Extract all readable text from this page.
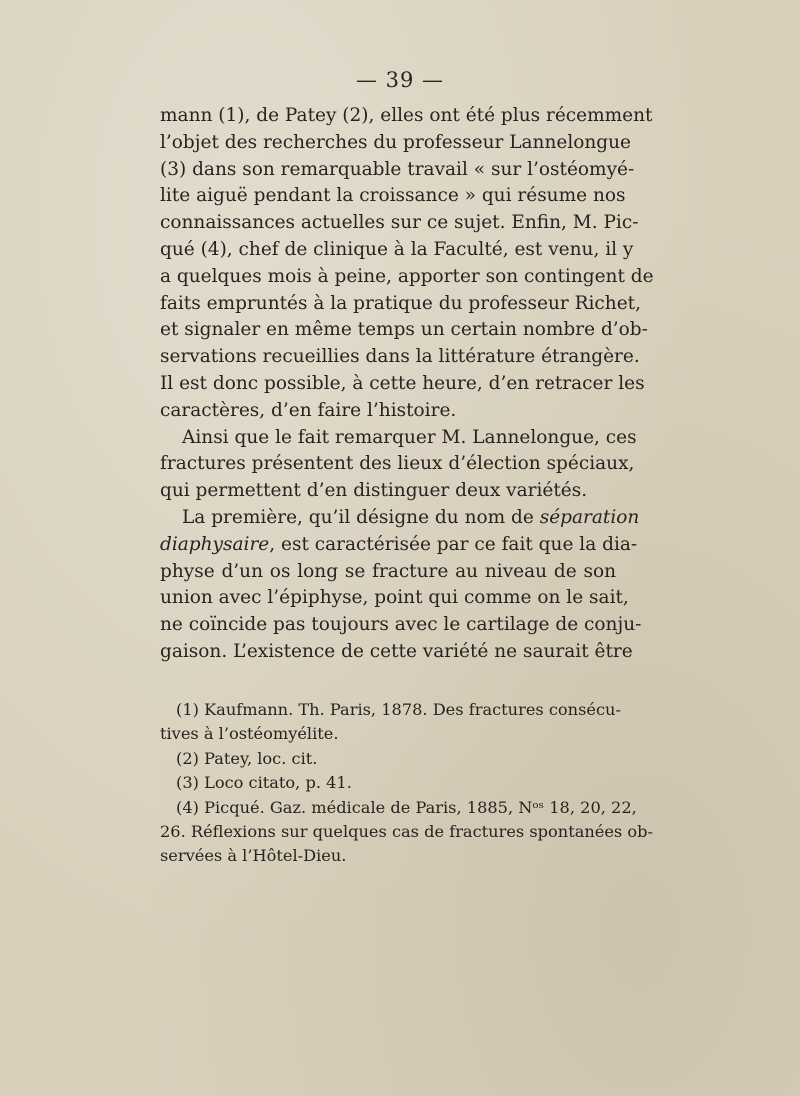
— 39 —
mann (1), de Patey (2), elles ont été plus récemment
l’objet des recherches du professeur Lannelongue
(3) dans son remarquable travail « sur l’ostéomyé-
lite aiguë pendant la croissance » qui résume nos
connaissances actuelles sur ce sujet. Enfin, M. Pic-
qué (4), chef de clinique à la Faculté, est venu, il y
a quelques mois à peine, apporter son contingent de
faits empruntés à la pratique du professeur Richet,
et signaler en même temps un certain nombre d’ob-
servations recueillies dans la littérature étrangère.
Il est donc possible, à cette heure, d’en retracer les
caractères, d’en faire l’histoire.
Ainsi que le fait remarquer M. Lannelongue, ces
fractures présentent des lieux d’élection spéciaux,
qui permettent d’en distinguer deux variétés.
La première, qu’il désigne du nom de séparation
diaphysaire, est caractérisée par ce fait que la dia-
physe d’un os long se fracture au niveau de son
union avec l’épiphyse, point qui comme on le sait,
ne coïncide pas toujours avec le cartilage de conju-
gaison. L’existence de cette variété ne saurait être
(1) Kaufmann. Th. Paris, 1878. Des fractures consécu-
tives à l’ostéomyélite.
(2) Patey, loc. cit.
(3) Loco citato, p. 41.
(4) Picqué. Gaz. médicale de Paris, 1885, Nᵒˢ 18, 20, 22,
26. Réflexions sur quelques cas de fractures spontanées ob-
servées à l’Hôtel-Dieu.
